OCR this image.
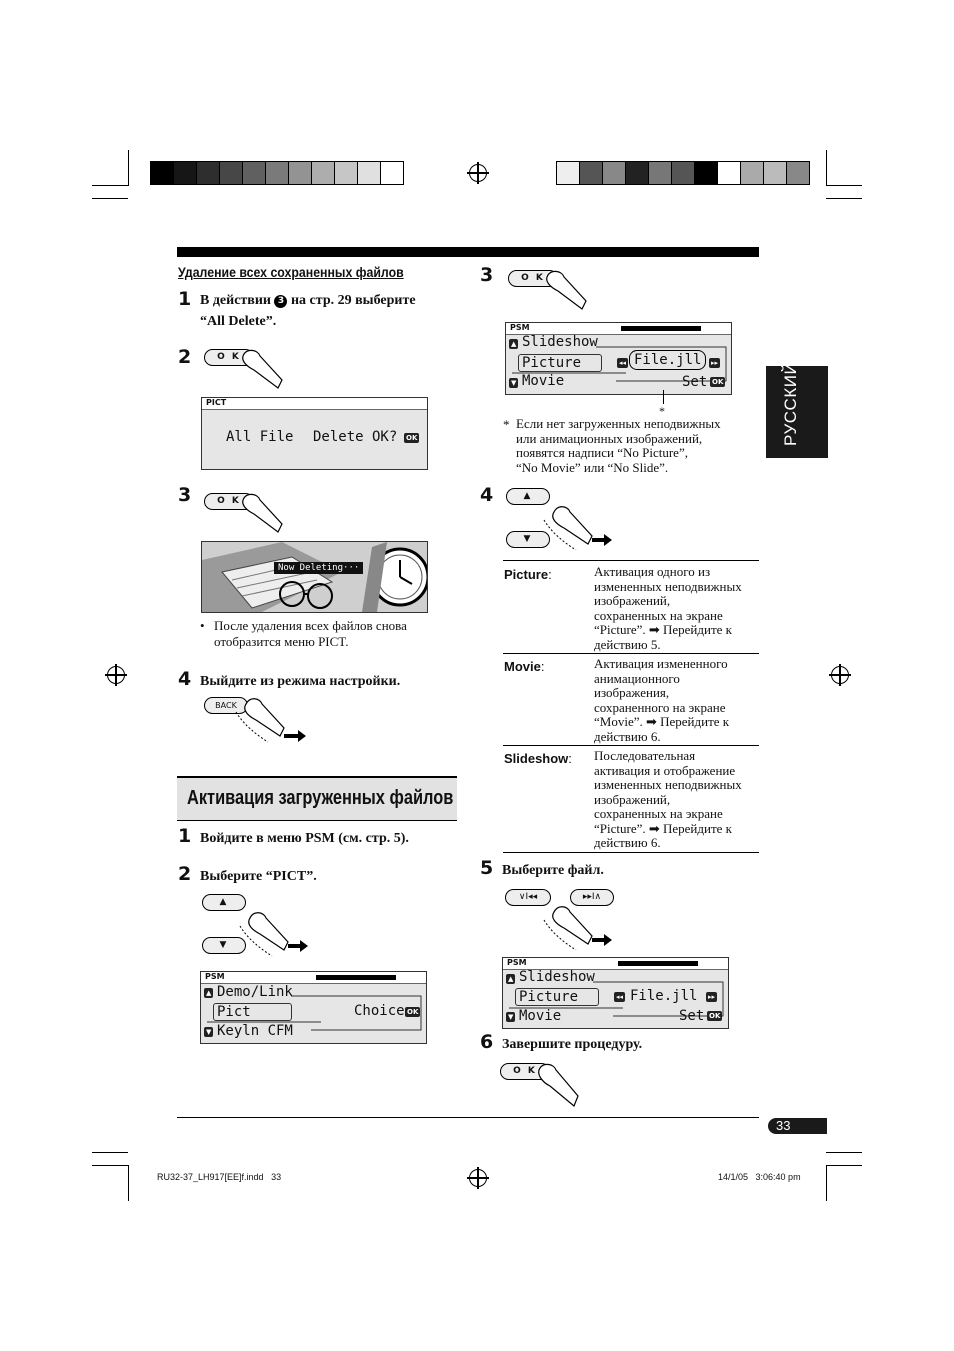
РУССКИЙ
Удаление всех сохраненных файлов
1 В действии 3 на стр. 29 выберите
“All Delete”.
2	O K
PICT
All File Delete OK? OK
3	O K
Now Deleting···
• После удаления всех файлов снова
отобразится меню PICT.
4 Выйдите из режима настройки.
BACK
Активация загруженных файлов
1 Войдите в меню PSM (см. стр. 5).
2 Выберите “PICT”.
▲
▼
PSM
▲ Demo/Link
Pict	Choice OK
▼ Keyln CFM
3	O K
PSM
▲ Slideshow
Picture	◂◂ File.jll	▸▸
▼ Movie	Set OK
*
* Если нет загруженных неподвижных
или анимационных изображений,
появятся надписи “No Picture”,
“No Movie” или “No Slide”.
4	▲
▼
Picture:	Активация одного из
измененных неподвижных
изображений,
сохраненных на экране
“Picture”. ➡ Перейдите к
действию 5.
Movie:	Активация измененного
анимационного
изображения,
сохраненного на экране
“Movie”. ➡ Перейдите к
действию 6.
Slideshow: Последовательная
активация и отображение
измененных неподвижных
изображений,
сохраненных на экране
“Picture”. ➡ Перейдите к
действию 6.
5 Выберите файл.
∨I◂◂	▸▸I∧
PSM
▲ Slideshow
Picture	◂◂ File.jll ▸▸
▼ Movie	Set OK
6 Завершите процедуру.
O K
33
RU32-37_LH917[EE]f.indd   33	14/1/05   3:06:40 pm
